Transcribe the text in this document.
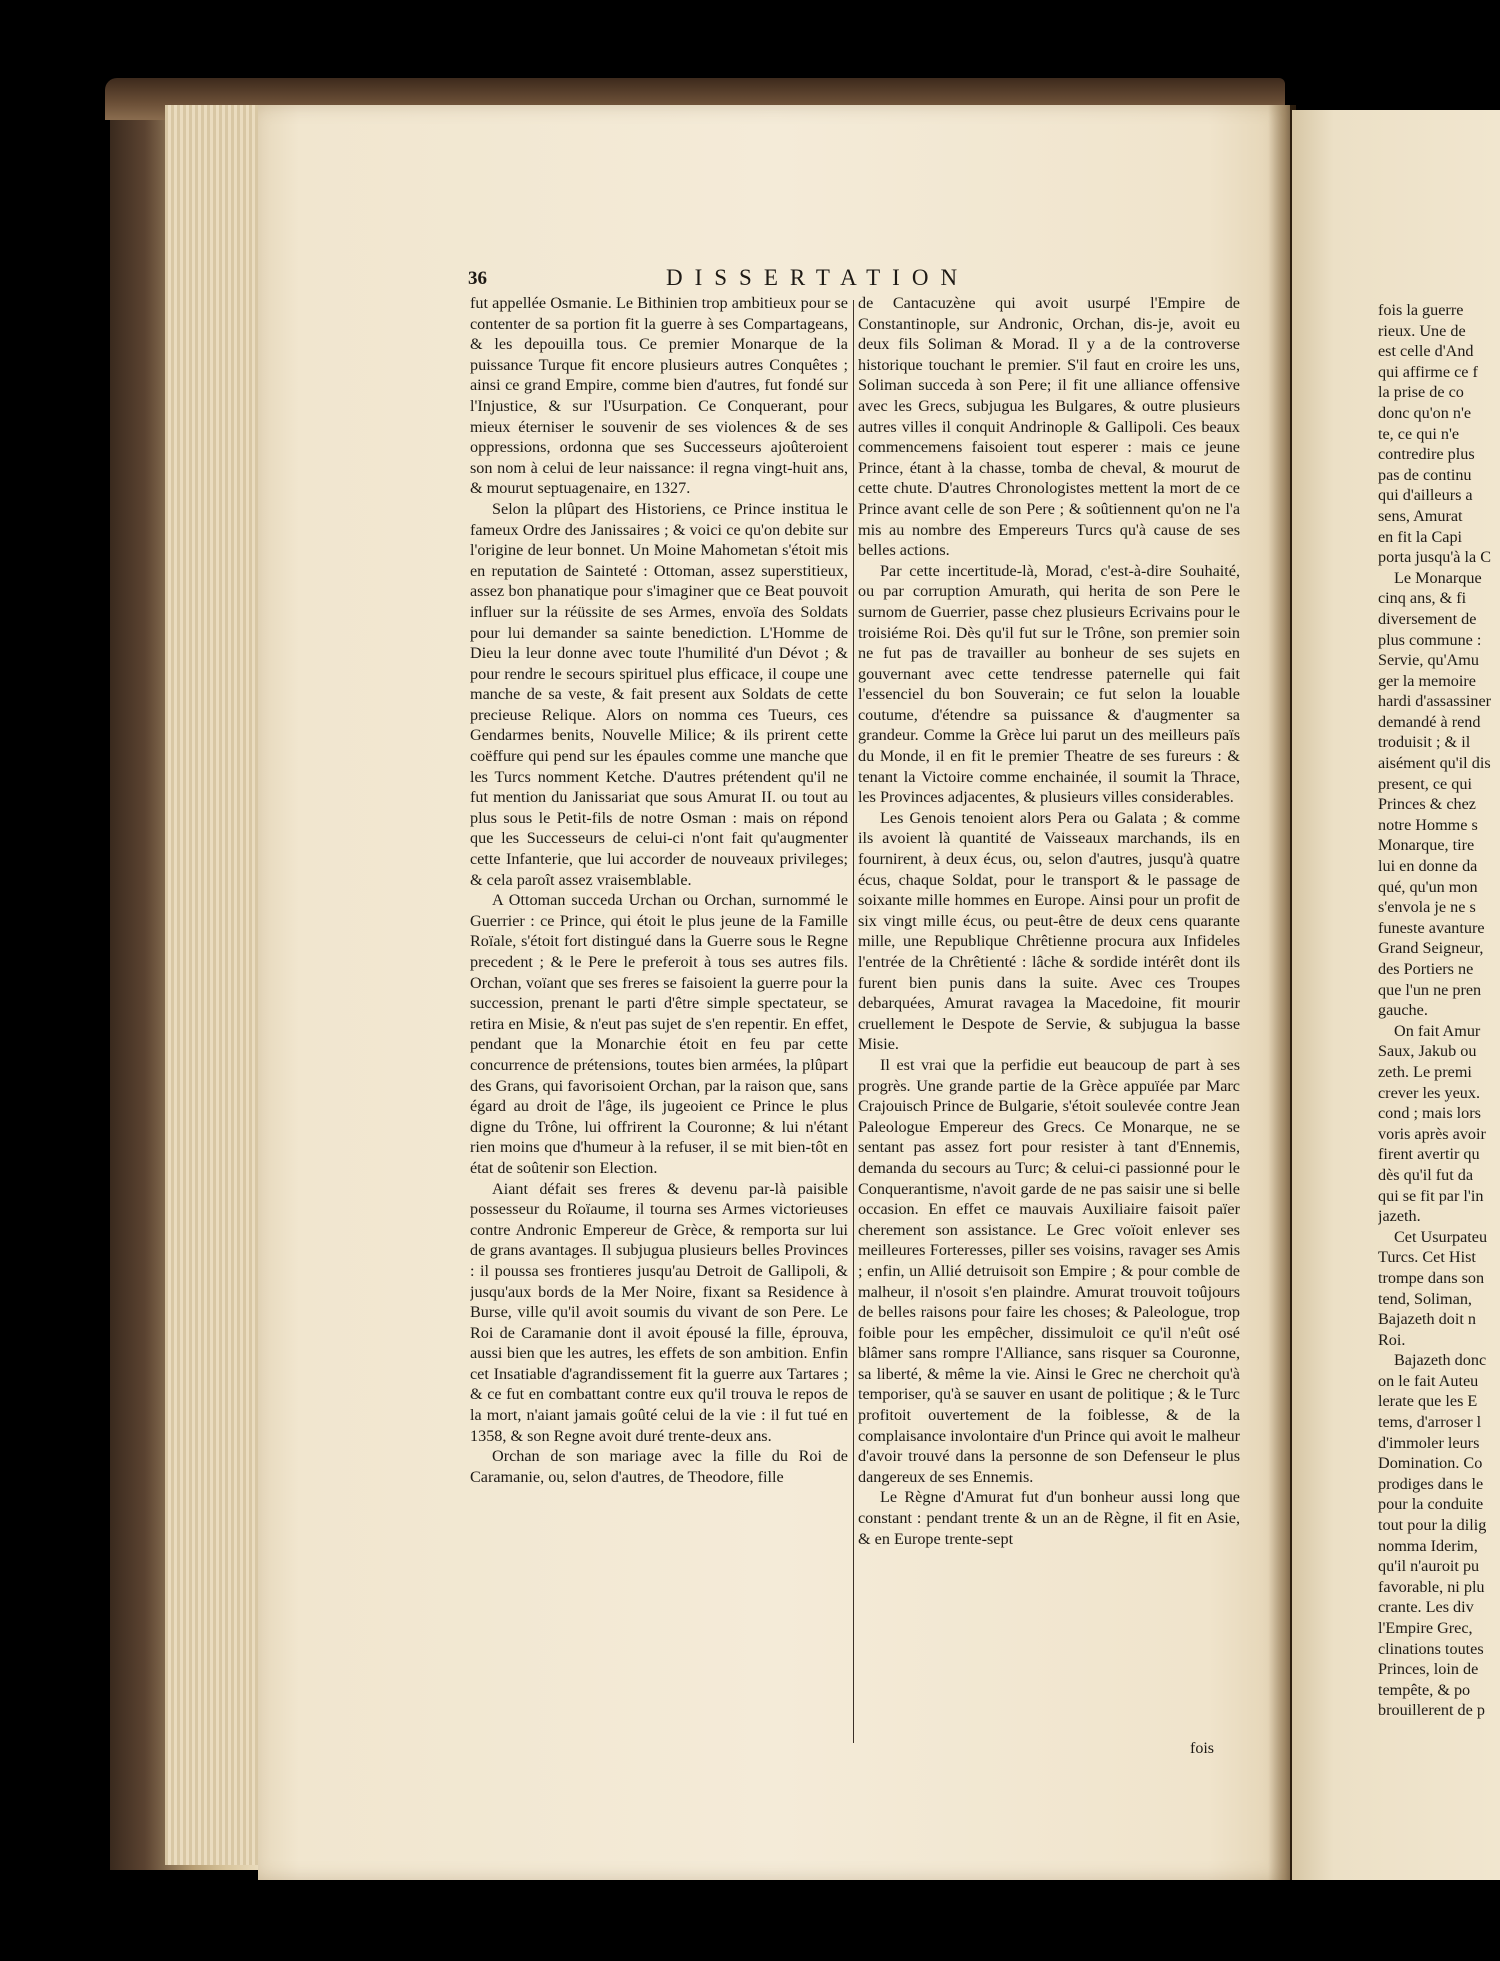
36	DISSERTATION

fut appellée Osmanie. Le Bithinien trop ambitieux pour se contenter de sa portion fit la guerre à ses Compartageans, & les depouilla tous. Ce premier Monarque de la puissance Turque fit encore plusieurs autres Conquêtes ; ainsi ce grand Empire, comme bien d'autres, fut fondé sur l'Injustice, & sur l'Usurpation. Ce Conquerant, pour mieux éterniser le souvenir de ses violences & de ses oppressions, ordonna que ses Successeurs ajoûteroient son nom à celui de leur naissance: il regna vingt-huit ans, & mourut septuagenaire, en 1327.

Selon la plûpart des Historiens, ce Prince institua le fameux Ordre des Janissaires ; & voici ce qu'on debite sur l'origine de leur bonnet. Un Moine Mahometan s'étoit mis en reputation de Sainteté : Ottoman, assez superstitieux, assez bon phanatique pour s'imaginer que ce Beat pouvoit influer sur la réüssite de ses Armes, envoïa des Soldats pour lui demander sa sainte benediction. L'Homme de Dieu la leur donne avec toute l'humilité d'un Dévot ; & pour rendre le secours spirituel plus efficace, il coupe une manche de sa veste, & fait present aux Soldats de cette precieuse Relique. Alors on nomma ces Tueurs, ces Gendarmes benits, Nouvelle Milice; & ils prirent cette coëffure qui pend sur les épaules comme une manche que les Turcs nomment Ketche. D'autres prétendent qu'il ne fut mention du Janissariat que sous Amurat II. ou tout au plus sous le Petit-fils de notre Osman : mais on répond que les Successeurs de celui-ci n'ont fait qu'augmenter cette Infanterie, que lui accorder de nouveaux privileges; & cela paroît assez vraisemblable.

A Ottoman succeda Urchan ou Orchan, surnommé le Guerrier : ce Prince, qui étoit le plus jeune de la Famille Roïale, s'étoit fort distingué dans la Guerre sous le Regne precedent ; & le Pere le preferoit à tous ses autres fils. Orchan, voïant que ses freres se faisoient la guerre pour la succession, prenant le parti d'être simple spectateur, se retira en Misie, & n'eut pas sujet de s'en repentir. En effet, pendant que la Monarchie étoit en feu par cette concurrence de prétensions, toutes bien armées, la plûpart des Grans, qui favorisoient Orchan, par la raison que, sans égard au droit de l'âge, ils jugeoient ce Prince le plus digne du Trône, lui offrirent la Couronne; & lui n'étant rien moins que d'humeur à la refuser, il se mit bien-tôt en état de soûtenir son Election.

Aiant défait ses freres & devenu par-là paisible possesseur du Roïaume, il tourna ses Armes victorieuses contre Andronic Empereur de Grèce, & remporta sur lui de grans avantages. Il subjugua plusieurs belles Provinces : il poussa ses frontieres jusqu'au Detroit de Gallipoli, & jusqu'aux bords de la Mer Noire, fixant sa Residence à Burse, ville qu'il avoit soumis du vivant de son Pere. Le Roi de Caramanie dont il avoit épousé la fille, éprouva, aussi bien que les autres, les effets de son ambition. Enfin cet Insatiable d'agrandissement fit la guerre aux Tartares ; & ce fut en combattant contre eux qu'il trouva le repos de la mort, n'aiant jamais goûté celui de la vie : il fut tué en 1358, & son Regne avoit duré trente-deux ans.

Orchan de son mariage avec la fille du Roi de Caramanie, ou, selon d'autres, de Theodore, fille

de Cantacuzène qui avoit usurpé l'Empire de Constantinople, sur Andronic, Orchan, dis-je, avoit eu deux fils Soliman & Morad. Il y a de la controverse historique touchant le premier. S'il faut en croire les uns, Soliman succeda à son Pere; il fit une alliance offensive avec les Grecs, subjugua les Bulgares, & outre plusieurs autres villes il conquit Andrinople & Gallipoli. Ces beaux commencemens faisoient tout esperer : mais ce jeune Prince, étant à la chasse, tomba de cheval, & mourut de cette chute. D'autres Chronologistes mettent la mort de ce Prince avant celle de son Pere ; & soûtiennent qu'on ne l'a mis au nombre des Empereurs Turcs qu'à cause de ses belles actions.

Par cette incertitude-là, Morad, c'est-à-dire Souhaité, ou par corruption Amurath, qui herita de son Pere le surnom de Guerrier, passe chez plusieurs Ecrivains pour le troisiéme Roi. Dès qu'il fut sur le Trône, son premier soin ne fut pas de travailler au bonheur de ses sujets en gouvernant avec cette tendresse paternelle qui fait l'essenciel du bon Souverain; ce fut selon la louable coutume, d'étendre sa puissance & d'augmenter sa grandeur. Comme la Grèce lui parut un des meilleurs païs du Monde, il en fit le premier Theatre de ses fureurs : & tenant la Victoire comme enchainée, il soumit la Thrace, les Provinces adjacentes, & plusieurs villes considerables.

Les Genois tenoient alors Pera ou Galata ; & comme ils avoient là quantité de Vaisseaux marchands, ils en fournirent, à deux écus, ou, selon d'autres, jusqu'à quatre écus, chaque Soldat, pour le transport & le passage de soixante mille hommes en Europe. Ainsi pour un profit de six vingt mille écus, ou peut-être de deux cens quarante mille, une Republique Chrêtienne procura aux Infideles l'entrée de la Chrêtienté : lâche & sordide intérêt dont ils furent bien punis dans la suite. Avec ces Troupes debarquées, Amurat ravagea la Macedoine, fit mourir cruellement le Despote de Servie, & subjugua la basse Misie.

Il est vrai que la perfidie eut beaucoup de part à ses progrès. Une grande partie de la Grèce appuïée par Marc Crajouisch Prince de Bulgarie, s'étoit soulevée contre Jean Paleologue Empereur des Grecs. Ce Monarque, ne se sentant pas assez fort pour resister à tant d'Ennemis, demanda du secours au Turc; & celui-ci passionné pour le Conquerantisme, n'avoit garde de ne pas saisir une si belle occasion. En effet ce mauvais Auxiliaire faisoit païer cherement son assistance. Le Grec voïoit enlever ses meilleures Forteresses, piller ses voisins, ravager ses Amis ; enfin, un Allié detruisoit son Empire ; & pour comble de malheur, il n'osoit s'en plaindre. Amurat trouvoit toûjours de belles raisons pour faire les choses; & Paleologue, trop foible pour les empêcher, dissimuloit ce qu'il n'eût osé blâmer sans rompre l'Alliance, sans risquer sa Couronne, sa liberté, & même la vie. Ainsi le Grec ne cherchoit qu'à temporiser, qu'à se sauver en usant de politique ; & le Turc profitoit ouvertement de la foiblesse, & de la complaisance involontaire d'un Prince qui avoit le malheur d'avoir trouvé dans la personne de son Defenseur le plus dangereux de ses Ennemis.

Le Règne d'Amurat fut d'un bonheur aussi long que constant : pendant trente & un an de Règne, il fit en Asie, & en Europe trente-sept

fois
fois la guerre
rieux. Une de
est celle d'And
qui affirme ce f
la prise de co
donc qu'on n'e
te, ce qui n'e
contredire plus
pas de continu
qui d'ailleurs a
sens, Amurat
en fit la Capi
porta jusqu'à la C
Le Monarque
cinq ans, & fi
diversement de
plus commune :
Servie, qu'Amu
ger la memoire
hardi d'assassiner
demandé à rend
troduisit ; & il
aisément qu'il dis
present, ce qui
Princes & chez
notre Homme s
Monarque, tire
lui en donne da
qué, qu'un mon
s'envola je ne s
funeste avanture
Grand Seigneur,
des Portiers ne
que l'un ne pren
gauche.
On fait Amur
Saux, Jakub ou
zeth. Le premi
crever les yeux.
cond ; mais lors
voris après avoir
firent avertir qu
dès qu'il fut da
qui se fit par l'in
jazeth.
Cet Usurpateu
Turcs. Cet Hist
trompe dans son
tend, Soliman,
Bajazeth doit n
Roi.
Bajazeth donc
on le fait Auteu
lerate que les E
tems, d'arroser l
d'immoler leurs
Domination. Co
prodiges dans le
pour la conduite
tout pour la dilig
nomma Iderim,
qu'il n'auroit pu
favorable, ni plu
crante. Les div
l'Empire Grec,
clinations toutes
Princes, loin de
tempête, & po
brouillerent de p
